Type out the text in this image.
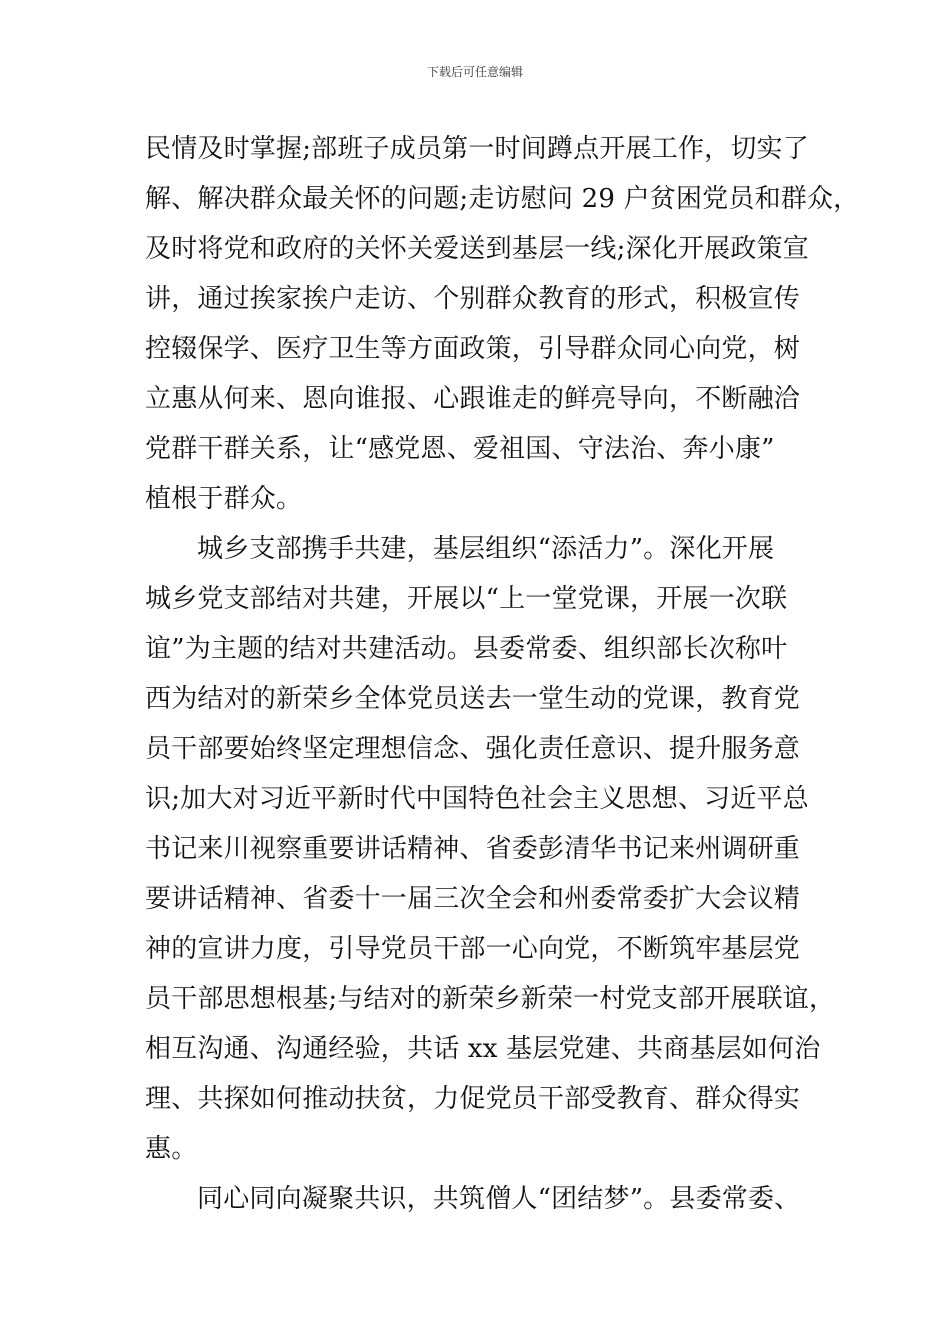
下载后可任意编辑
民情及时掌握;部班子成员第一时间蹲点开展工作，切实了
解、解决群众最关怀的问题;走访慰问 29 户贫困党员和群众，
及时将党和政府的关怀关爱送到基层一线;深化开展政策宣
讲，通过挨家挨户走访、个别群众教育的形式，积极宣传
控辍保学、医疗卫生等方面政策，引导群众同心向党，树
立惠从何来、恩向谁报、心跟谁走的鲜亮导向，不断融洽
党群干群关系，让“感党恩、爱祖国、守法治、奔小康”
植根于群众。
城乡支部携手共建，基层组织“添活力”。深化开展
城乡党支部结对共建，开展以“上一堂党课，开展一次联
谊”为主题的结对共建活动。县委常委、组织部长次称叶
西为结对的新荣乡全体党员送去一堂生动的党课，教育党
员干部要始终坚定理想信念、强化责任意识、提升服务意
识;加大对习近平新时代中国特色社会主义思想、习近平总
书记来川视察重要讲话精神、省委彭清华书记来州调研重
要讲话精神、省委十一届三次全会和州委常委扩大会议精
神的宣讲力度，引导党员干部一心向党，不断筑牢基层党
员干部思想根基;与结对的新荣乡新荣一村党支部开展联谊，
相互沟通、沟通经验，共话 xx 基层党建、共商基层如何治
理、共探如何推动扶贫，力促党员干部受教育、群众得实
惠。
同心同向凝聚共识，共筑僧人“团结梦”。县委常委、
